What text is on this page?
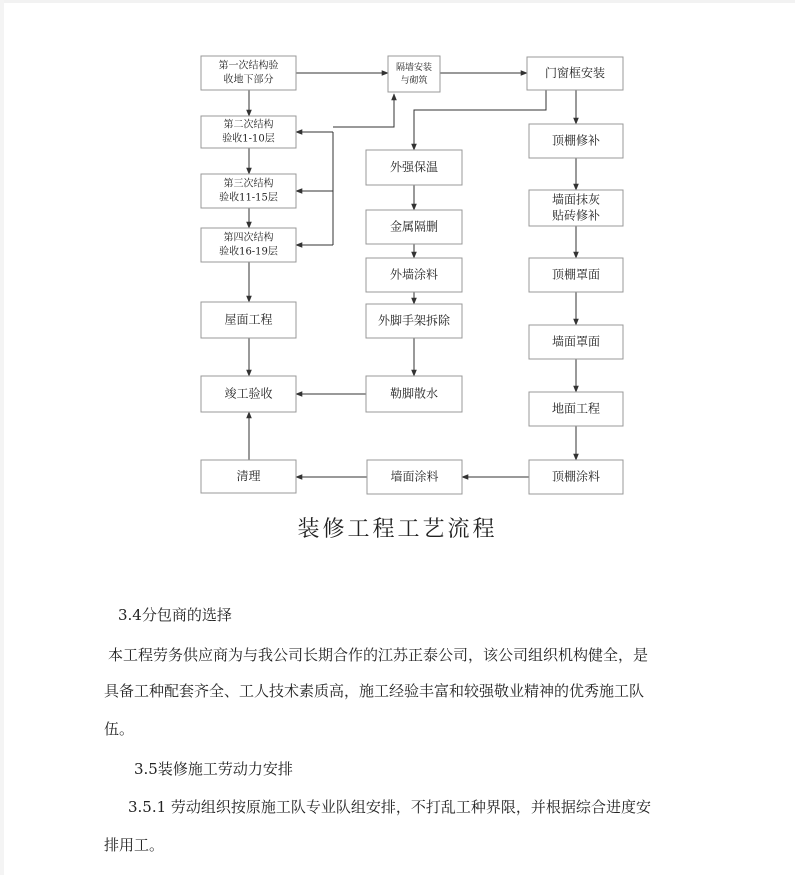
第一次结构验
收地下部分
第二次结构
验收1-10层
第三次结构
验收11-15层
第四次结构
验收16-19层
屋面工程
竣工验收
清理
隔墙安装
与砌筑
外强保温
金属隔删
外墙涂料
外脚手架拆除
勒脚散水
墙面涂料
门窗框安装
顶棚修补
墙面抹灰
贴砖修补
顶棚罩面
墙面罩面
地面工程
顶棚涂料
装修工程工艺流程

3.4分包商的选择

本工程劳务供应商为与我公司长期合作的江苏正泰公司，该公司组织机构健全，是

具备工种配套齐全、工人技术素质高，施工经验丰富和较强敬业精神的优秀施工队

伍。

3.5装修施工劳动力安排

3.5.1 劳动组织按原施工队专业队组安排，不打乱工种界限，并根据综合进度安

排用工。
